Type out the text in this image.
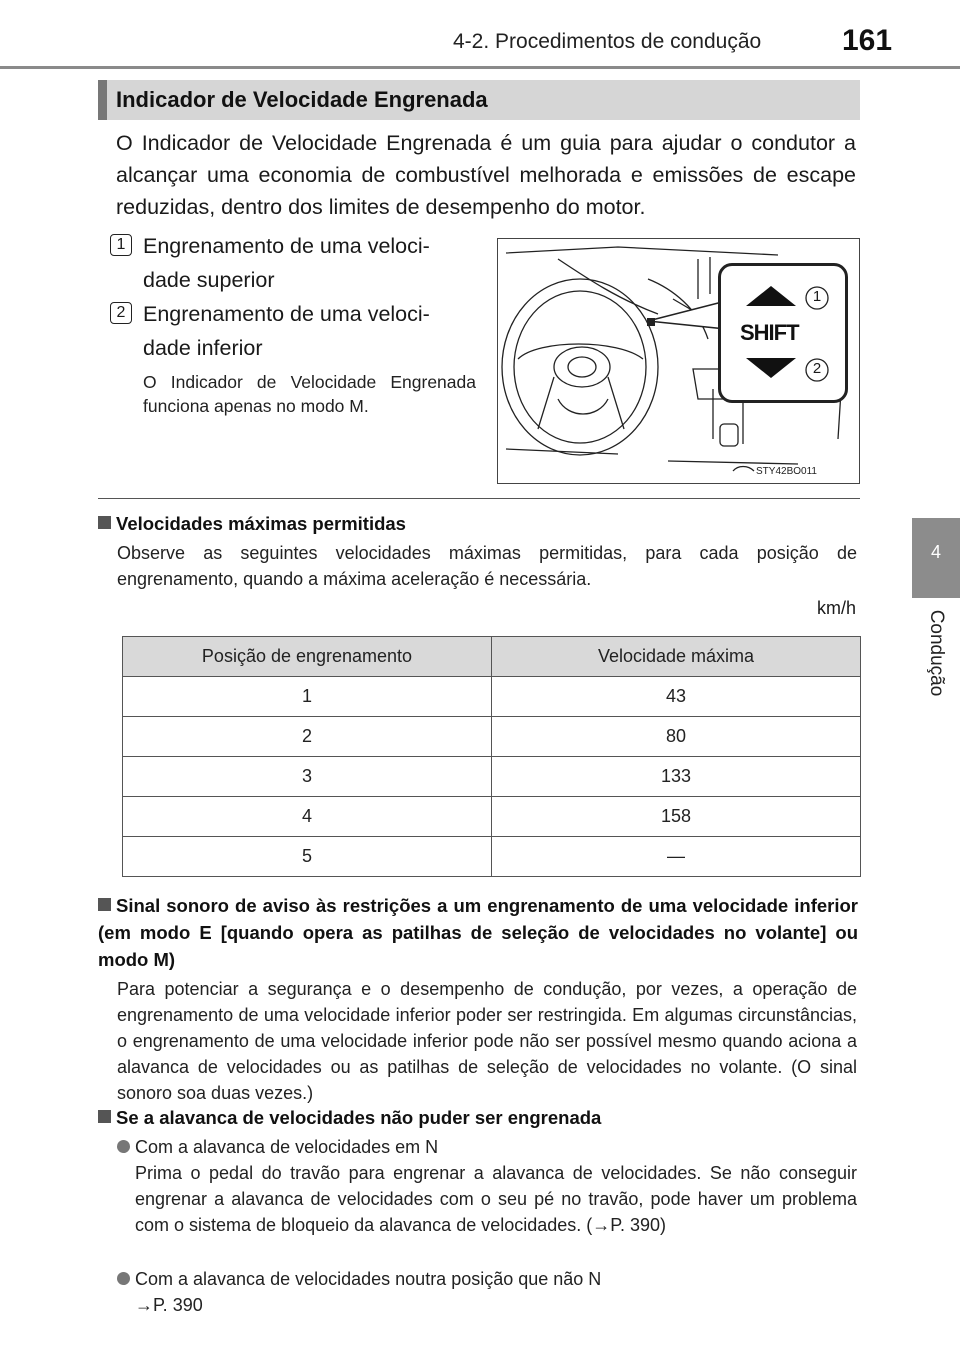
4-2. Procedimentos de condução	161
4
Condução
Indicador de Velocidade Engrenada
O Indicador de Velocidade Engrenada é um guia para ajudar o condutor a alcançar uma economia de combustível melhorada e emissões de escape reduzidas, dentro dos limites de desempenho do motor.
1 Engrenamento de uma veloci-
dade superior
2 Engrenamento de uma veloci-
dade inferior
O Indicador de Velocidade Engrenada funciona apenas no modo M.
SHIFT
1
2
STY42BO011
Velocidades máximas permitidas
Observe as seguintes velocidades máximas permitidas, para cada posição de engrenamento, quando a máxima aceleração é necessária.
km/h
Posição de engrenamento	Velocidade máxima
1	43
2	80
3	133
4	158
5	—
Sinal sonoro de aviso às restrições a um engrenamento de uma velocidade inferior (em modo E [quando opera as patilhas de seleção de velocidades no volante] ou modo M)
Para potenciar a segurança e o desempenho de condução, por vezes, a operação de engrenamento de uma velocidade inferior poder ser restringida. Em algumas circunstâncias, o engrenamento de uma velocidade inferior pode não ser possível mesmo quando aciona a alavanca de velocidades ou as patilhas de seleção de velocidades no volante. (O sinal sonoro soa duas vezes.)
Se a alavanca de velocidades não puder ser engrenada
Com a alavanca de velocidades em N
Prima o pedal do travão para engrenar a alavanca de velocidades. Se não conseguir engrenar a alavanca de velocidades com o seu pé no travão, pode haver um problema com o sistema de bloqueio da alavanca de velocidades. (→P. 390)
Com a alavanca de velocidades noutra posição que não N
→P. 390
